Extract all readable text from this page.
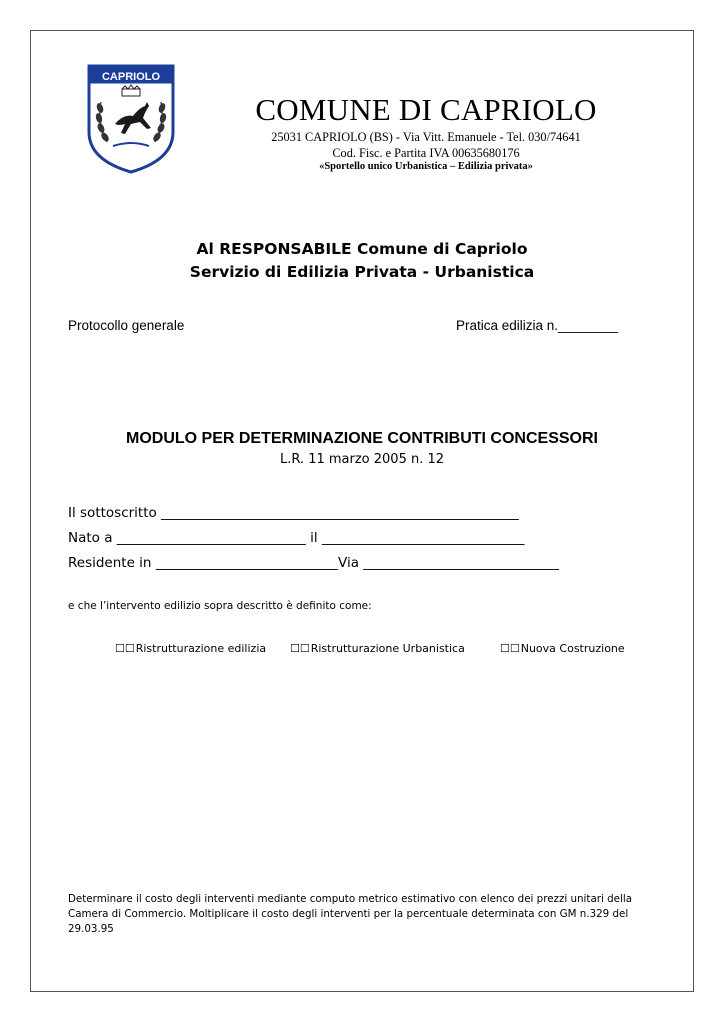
CAPRIOLO
COMUNE DI CAPRIOLO
25031 CAPRIOLO (BS) - Via Vitt. Emanuele - Tel. 030/74641
Cod. Fisc. e Partita IVA 00635680176
«Sportello unico Urbanistica – Edilizia privata»
Al RESPONSABILE Comune di Capriolo
Servizio di Edilizia Privata - Urbanistica
Protocollo generale	Pratica edilizia n.________
MODULO PER DETERMINAZIONE CONTRIBUTI CONCESSORI
L.R. 11 marzo 2005 n. 12
Il sottoscritto _____________________________________________________
Nato a ____________________________ il ______________________________
Residente in ___________________________Via _____________________________
e che l’intervento edilizio sopra descritto è definito come:
☐☐Ristrutturazione edilizia ☐☐Ristrutturazione Urbanistica	☐☐Nuova Costruzione
Determinare il costo degli interventi mediante computo metrico estimativo con elenco dei prezzi unitari della Camera di Commercio. Moltiplicare il costo degli interventi per la percentuale determinata con GM n.329 del 29.03.95
